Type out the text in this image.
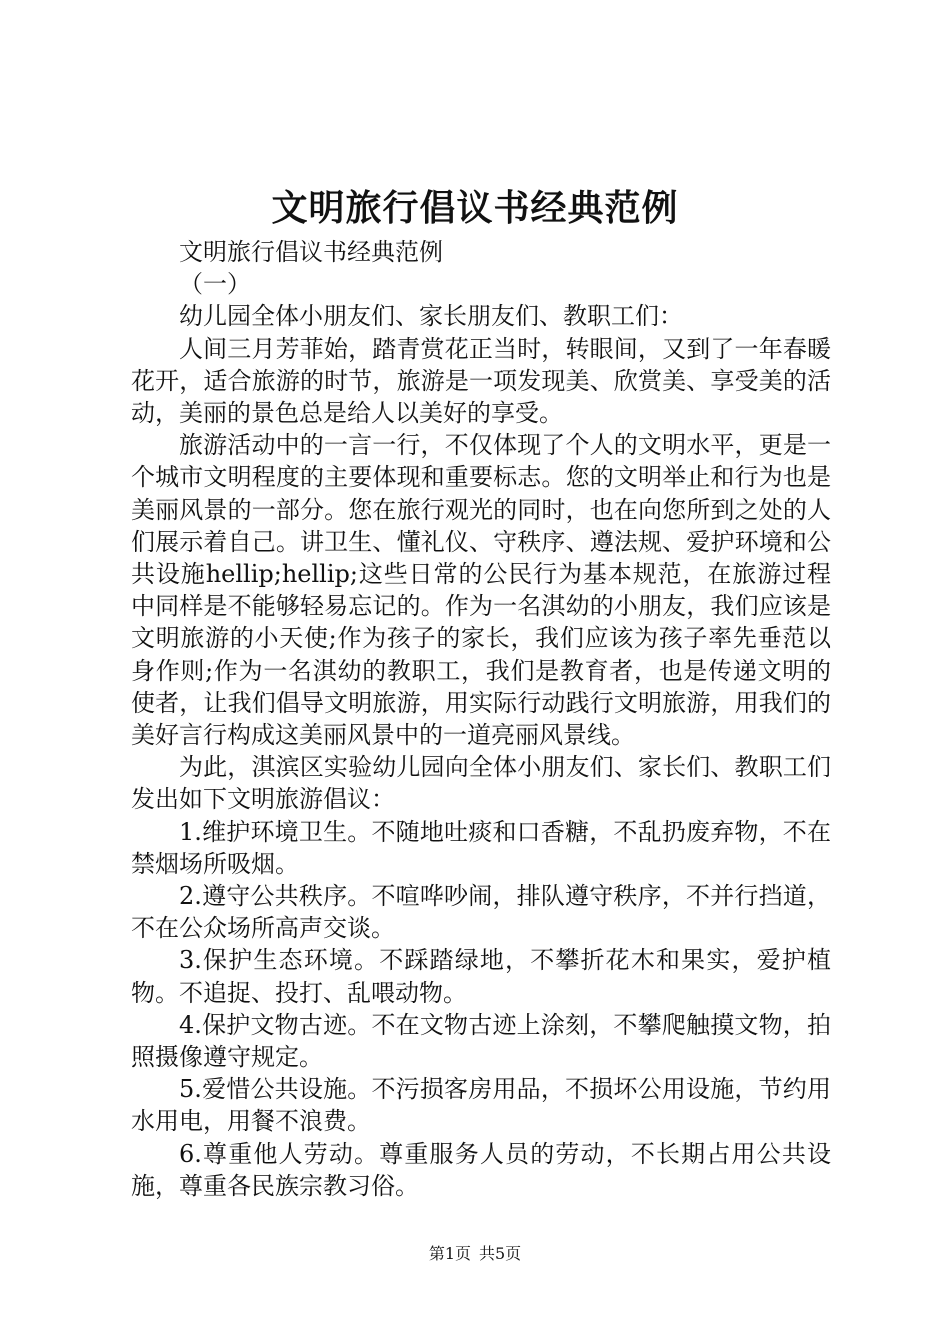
文明旅行倡议书经典范例

文明旅行倡议书经典范例

（一）

幼儿园全体小朋友们、家长朋友们、教职工们：

人间三月芳菲始，踏青赏花正当时，转眼间，又到了一年春暖花开，适合旅游的时节，旅游是一项发现美、欣赏美、享受美的活动，美丽的景色总是给人以美好的享受。

旅游活动中的一言一行，不仅体现了个人的文明水平，更是一个城市文明程度的主要体现和重要标志。您的文明举止和行为也是美丽风景的一部分。您在旅行观光的同时，也在向您所到之处的人们展示着自己。讲卫生、懂礼仪、守秩序、遵法规、爱护环境和公共设施hellip;hellip;这些日常的公民行为基本规范，在旅游过程中同样是不能够轻易忘记的。作为一名淇幼的小朋友，我们应该是文明旅游的小天使;作为孩子的家长，我们应该为孩子率先垂范以身作则;作为一名淇幼的教职工，我们是教育者，也是传递文明的使者，让我们倡导文明旅游，用实际行动践行文明旅游，用我们的美好言行构成这美丽风景中的一道亮丽风景线。

为此，淇滨区实验幼儿园向全体小朋友们、家长们、教职工们发出如下文明旅游倡议：

1.维护环境卫生。不随地吐痰和口香糖，不乱扔废弃物，不在禁烟场所吸烟。

2.遵守公共秩序。不喧哗吵闹，排队遵守秩序，不并行挡道，不在公众场所高声交谈。

3.保护生态环境。不踩踏绿地，不攀折花木和果实，爱护植物。不追捉、投打、乱喂动物。

4.保护文物古迹。不在文物古迹上涂刻，不攀爬触摸文物，拍照摄像遵守规定。

5.爱惜公共设施。不污损客房用品，不损坏公用设施，节约用水用电，用餐不浪费。

6.尊重他人劳动。尊重服务人员的劳动，不长期占用公共设施，尊重各民族宗教习俗。

第1页 共5页
